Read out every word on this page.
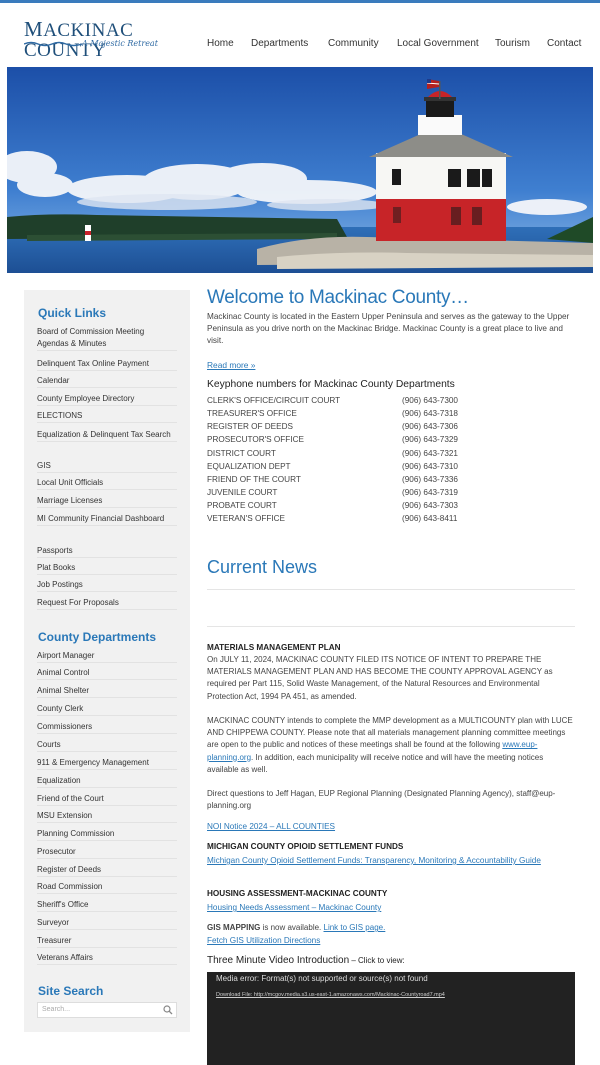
MACKINAC COUNTY
A Majestic Retreat	Home Departments Community Local Government Tourism Contact
Quick Links
Board of Commission Meeting Agendas & Minutes
Delinquent Tax Online Payment
Calendar
County Employee Directory
ELECTIONS
Equalization & Delinquent Tax Search
GIS
Local Unit Officials
Marriage Licenses
MI Community Financial Dashboard
Passports
Plat Books
Job Postings
Request For Proposals
County Departments
Airport Manager
Animal Control
Animal Shelter
County Clerk
Commissioners
Courts
911 & Emergency Management
Equalization
Friend of the Court
MSU Extension
Planning Commission
Prosecutor
Register of Deeds
Road Commission
Sheriff's Office
Surveyor
Treasurer
Veterans Affairs
Site Search
Search...
Welcome to Mackinac County…
Mackinac County is located in the Eastern Upper Peninsula and serves as the gateway to the Upper Peninsula as you drive north on the Mackinac Bridge. Mackinac County is a great place to live and visit.
Read more »
Keyphone numbers for Mackinac County Departments
CLERK'S OFFICE/CIRCUIT COURT	(906) 643-7300
TREASURER'S OFFICE	(906) 643-7318
REGISTER OF DEEDS	(906) 643-7306
PROSECUTOR'S OFFICE	(906) 643-7329
DISTRICT COURT	(906) 643-7321
EQUALIZATION DEPT	(906) 643-7310
FRIEND OF THE COURT	(906) 643-7336
JUVENILE COURT	(906) 643-7319
PROBATE COURT	(906) 643-7303
VETERAN'S OFFICE	(906) 643-8411
Current News
MATERIALS MANAGEMENT PLAN
On JULY 11, 2024, MACKINAC COUNTY FILED ITS NOTICE OF INTENT TO PREPARE THE MATERIALS MANAGEMENT PLAN AND HAS BECOME THE COUNTY APPROVAL AGENCY as required per Part 115, Solid Waste Management, of the Natural Resources and Environmental Protection Act, 1994 PA 451, as amended.
MACKINAC COUNTY intends to complete the MMP development as a MULTICOUNTY plan with LUCE AND CHIPPEWA COUNTY. Please note that all materials management planning committee meetings are open to the public and notices of these meetings shall be found at the following www.eup-planning.org. In addition, each municipality will receive notice and will have the meeting notices available as well.
Direct questions to Jeff Hagan, EUP Regional Planning (Designated Planning Agency), staff@eup-planning.org
NOI Notice 2024 – ALL COUNTIES
MICHIGAN COUNTY OPIOID SETTLEMENT FUNDS
Michigan County Opioid Settlement Funds: Transparency, Monitoring & Accountability Guide
HOUSING ASSESSMENT-MACKINAC COUNTY
Housing Needs Assessment – Mackinac County
GIS MAPPING is now available. Link to GIS page.
Fetch GIS Utilization Directions
Three Minute Video Introduction – Click to view:
Media error: Format(s) not supported or source(s) not found
Download File: http://mcgov.media.s3.us-east-1.amazonaws.com/Mackinac-Countyroad7.mp4
